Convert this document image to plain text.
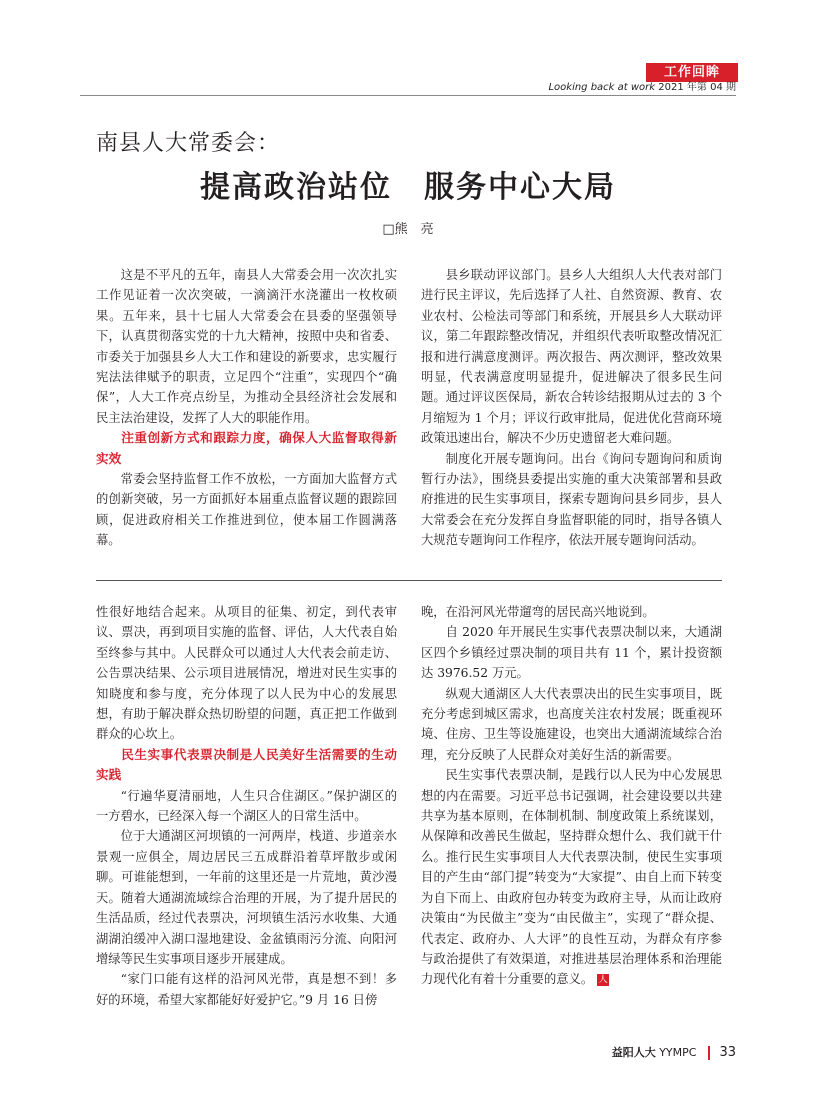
工作回眸
Looking back at work 2021 年第 04 期
南县人大常委会：
提高政治站位　服务中心大局
□熊　亮

这是不平凡的五年，南县人大常委会用一次次扎实工作见证着一次次突破，一滴滴汗水浇灌出一枚枚硕果。五年来，县十七届人大常委会在县委的坚强领导下，认真贯彻落实党的十九大精神，按照中央和省委、市委关于加强县乡人大工作和建设的新要求，忠实履行宪法法律赋予的职责，立足四个“注重”，实现四个“确保”，人大工作亮点纷呈，为推动全县经济社会发展和民主法治建设，发挥了人大的职能作用。

注重创新方式和跟踪力度，确保人大监督取得新实效

常委会坚持监督工作不放松，一方面加大监督方式的创新突破，另一方面抓好本届重点监督议题的跟踪回顾，促进政府相关工作推进到位，使本届工作圆满落幕。

县乡联动评议部门。县乡人大组织人大代表对部门进行民主评议，先后选择了人社、自然资源、教育、农业农村、公检法司等部门和系统，开展县乡人大联动评议，第二年跟踪整改情况，并组织代表听取整改情况汇报和进行满意度测评。两次报告、两次测评，整改效果明显，代表满意度明显提升，促进解决了很多民生问题。通过评议医保局，新农合转诊结报期从过去的 3 个月缩短为 1 个月；评议行政审批局，促进优化营商环境政策迅速出台，解决不少历史遗留老大难问题。

制度化开展专题询问。出台《询问专题询问和质询暂行办法》，围绕县委提出实施的重大决策部署和县政府推进的民生实事项目，探索专题询问县乡同步，县人大常委会在充分发挥自身监督职能的同时，指导各镇人大规范专题询问工作程序，依法开展专题询问活动。

性很好地结合起来。从项目的征集、初定，到代表审议、票决，再到项目实施的监督、评估，人大代表自始至终参与其中。人民群众可以通过人大代表会前走访、公告票决结果、公示项目进展情况，增进对民生实事的知晓度和参与度，充分体现了以人民为中心的发展思想，有助于解决群众热切盼望的问题，真正把工作做到群众的心坎上。

民生实事代表票决制是人民美好生活需要的生动实践

“行遍华夏清丽地，人生只合住湖区。”保护湖区的一方碧水，已经深入每一个湖区人的日常生活中。

位于大通湖区河坝镇的一河两岸，栈道、步道亲水景观一应俱全，周边居民三五成群沿着草坪散步或闲聊。可谁能想到，一年前的这里还是一片荒地，黄沙漫天。随着大通湖流域综合治理的开展，为了提升居民的生活品质，经过代表票决，河坝镇生活污水收集、大通湖湖泊缓冲入湖口湿地建设、金盆镇雨污分流、向阳河增绿等民生实事项目逐步开展建成。

“家门口能有这样的沿河风光带，真是想不到！多好的环境，希望大家都能好好爱护它。”9 月 16 日傍

晚，在沿河风光带遛弯的居民高兴地说到。

自 2020 年开展民生实事代表票决制以来，大通湖区四个乡镇经过票决制的项目共有 11 个，累计投资额达 3976.52 万元。

纵观大通湖区人大代表票决出的民生实事项目，既充分考虑到城区需求，也高度关注农村发展；既重视环境、住房、卫生等设施建设，也突出大通湖流域综合治理，充分反映了人民群众对美好生活的新需要。

民生实事代表票决制，是践行以人民为中心发展思想的内在需要。习近平总书记强调，社会建设要以共建共享为基本原则，在体制机制、制度政策上系统谋划，从保障和改善民生做起，坚持群众想什么、我们就干什么。推行民生实事项目人大代表票决制，使民生实事项目的产生由“部门提”转变为“大家提”、由自上而下转变为自下而上、由政府包办转变为政府主导，从而让政府决策由“为民做主”变为“由民做主”，实现了“群众提、代表定、政府办、人大评”的良性互动，为群众有序参与政治提供了有效渠道，对推进基层治理体系和治理能力现代化有着十分重要的意义。 人

益阳人大 YYMPC 33
